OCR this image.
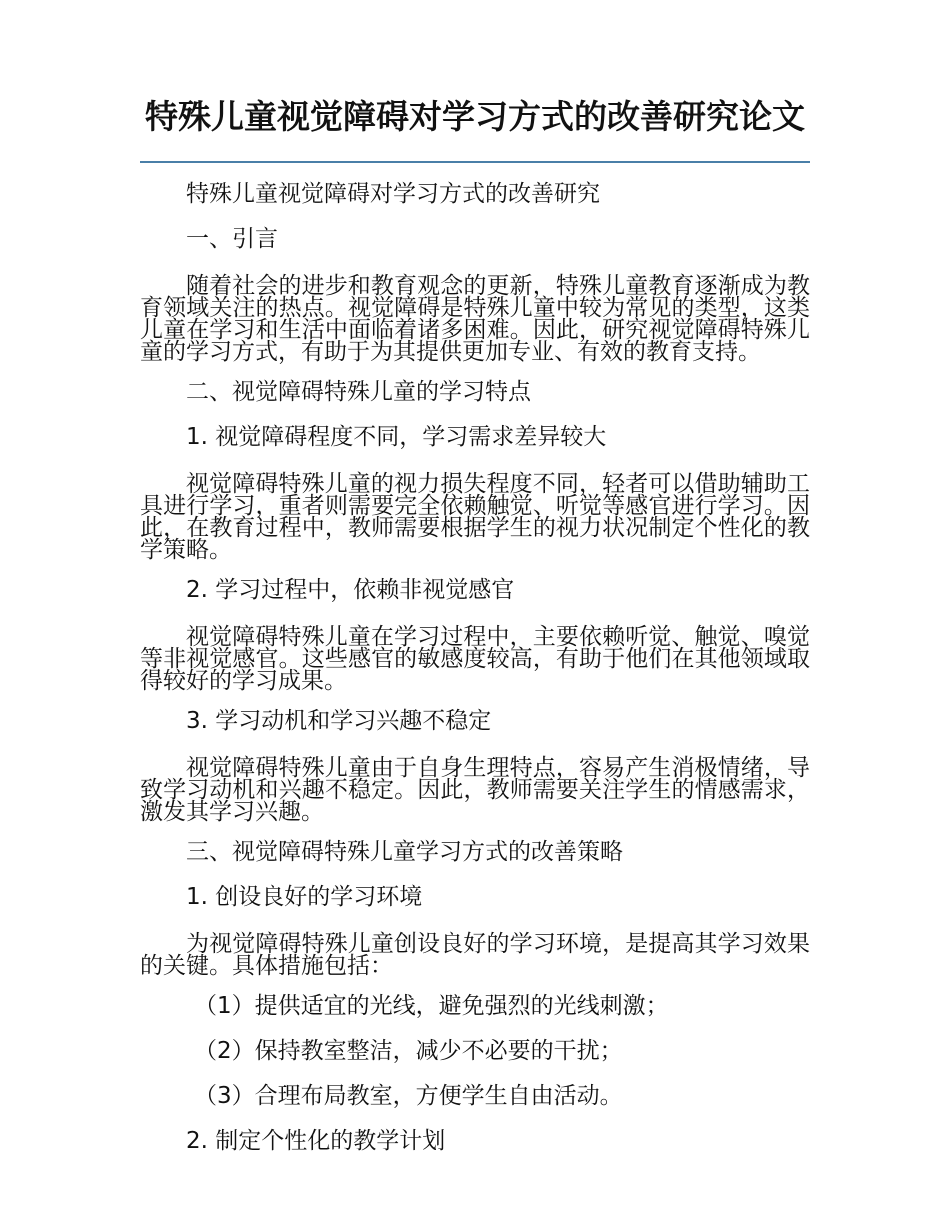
特殊儿童视觉障碍对学习方式的改善研究论文
特殊儿童视觉障碍对学习方式的改善研究
一、引言
随着社会的进步和教育观念的更新，特殊儿童教育逐渐成为教育领域关注的热点。视觉障碍是特殊儿童中较为常见的类型，这类儿童在学习和生活中面临着诸多困难。因此，研究视觉障碍特殊儿童的学习方式，有助于为其提供更加专业、有效的教育支持。
二、视觉障碍特殊儿童的学习特点
1. 视觉障碍程度不同，学习需求差异较大
视觉障碍特殊儿童的视力损失程度不同，轻者可以借助辅助工具进行学习，重者则需要完全依赖触觉、听觉等感官进行学习。因此，在教育过程中，教师需要根据学生的视力状况制定个性化的教学策略。
2. 学习过程中，依赖非视觉感官
视觉障碍特殊儿童在学习过程中，主要依赖听觉、触觉、嗅觉等非视觉感官。这些感官的敏感度较高，有助于他们在其他领域取得较好的学习成果。
3. 学习动机和学习兴趣不稳定
视觉障碍特殊儿童由于自身生理特点，容易产生消极情绪，导致学习动机和兴趣不稳定。因此，教师需要关注学生的情感需求，激发其学习兴趣。
三、视觉障碍特殊儿童学习方式的改善策略
1. 创设良好的学习环境
为视觉障碍特殊儿童创设良好的学习环境，是提高其学习效果的关键。具体措施包括：
（1）提供适宜的光线，避免强烈的光线刺激；
（2）保持教室整洁，减少不必要的干扰；
（3）合理布局教室，方便学生自由活动。
2. 制定个性化的教学计划
